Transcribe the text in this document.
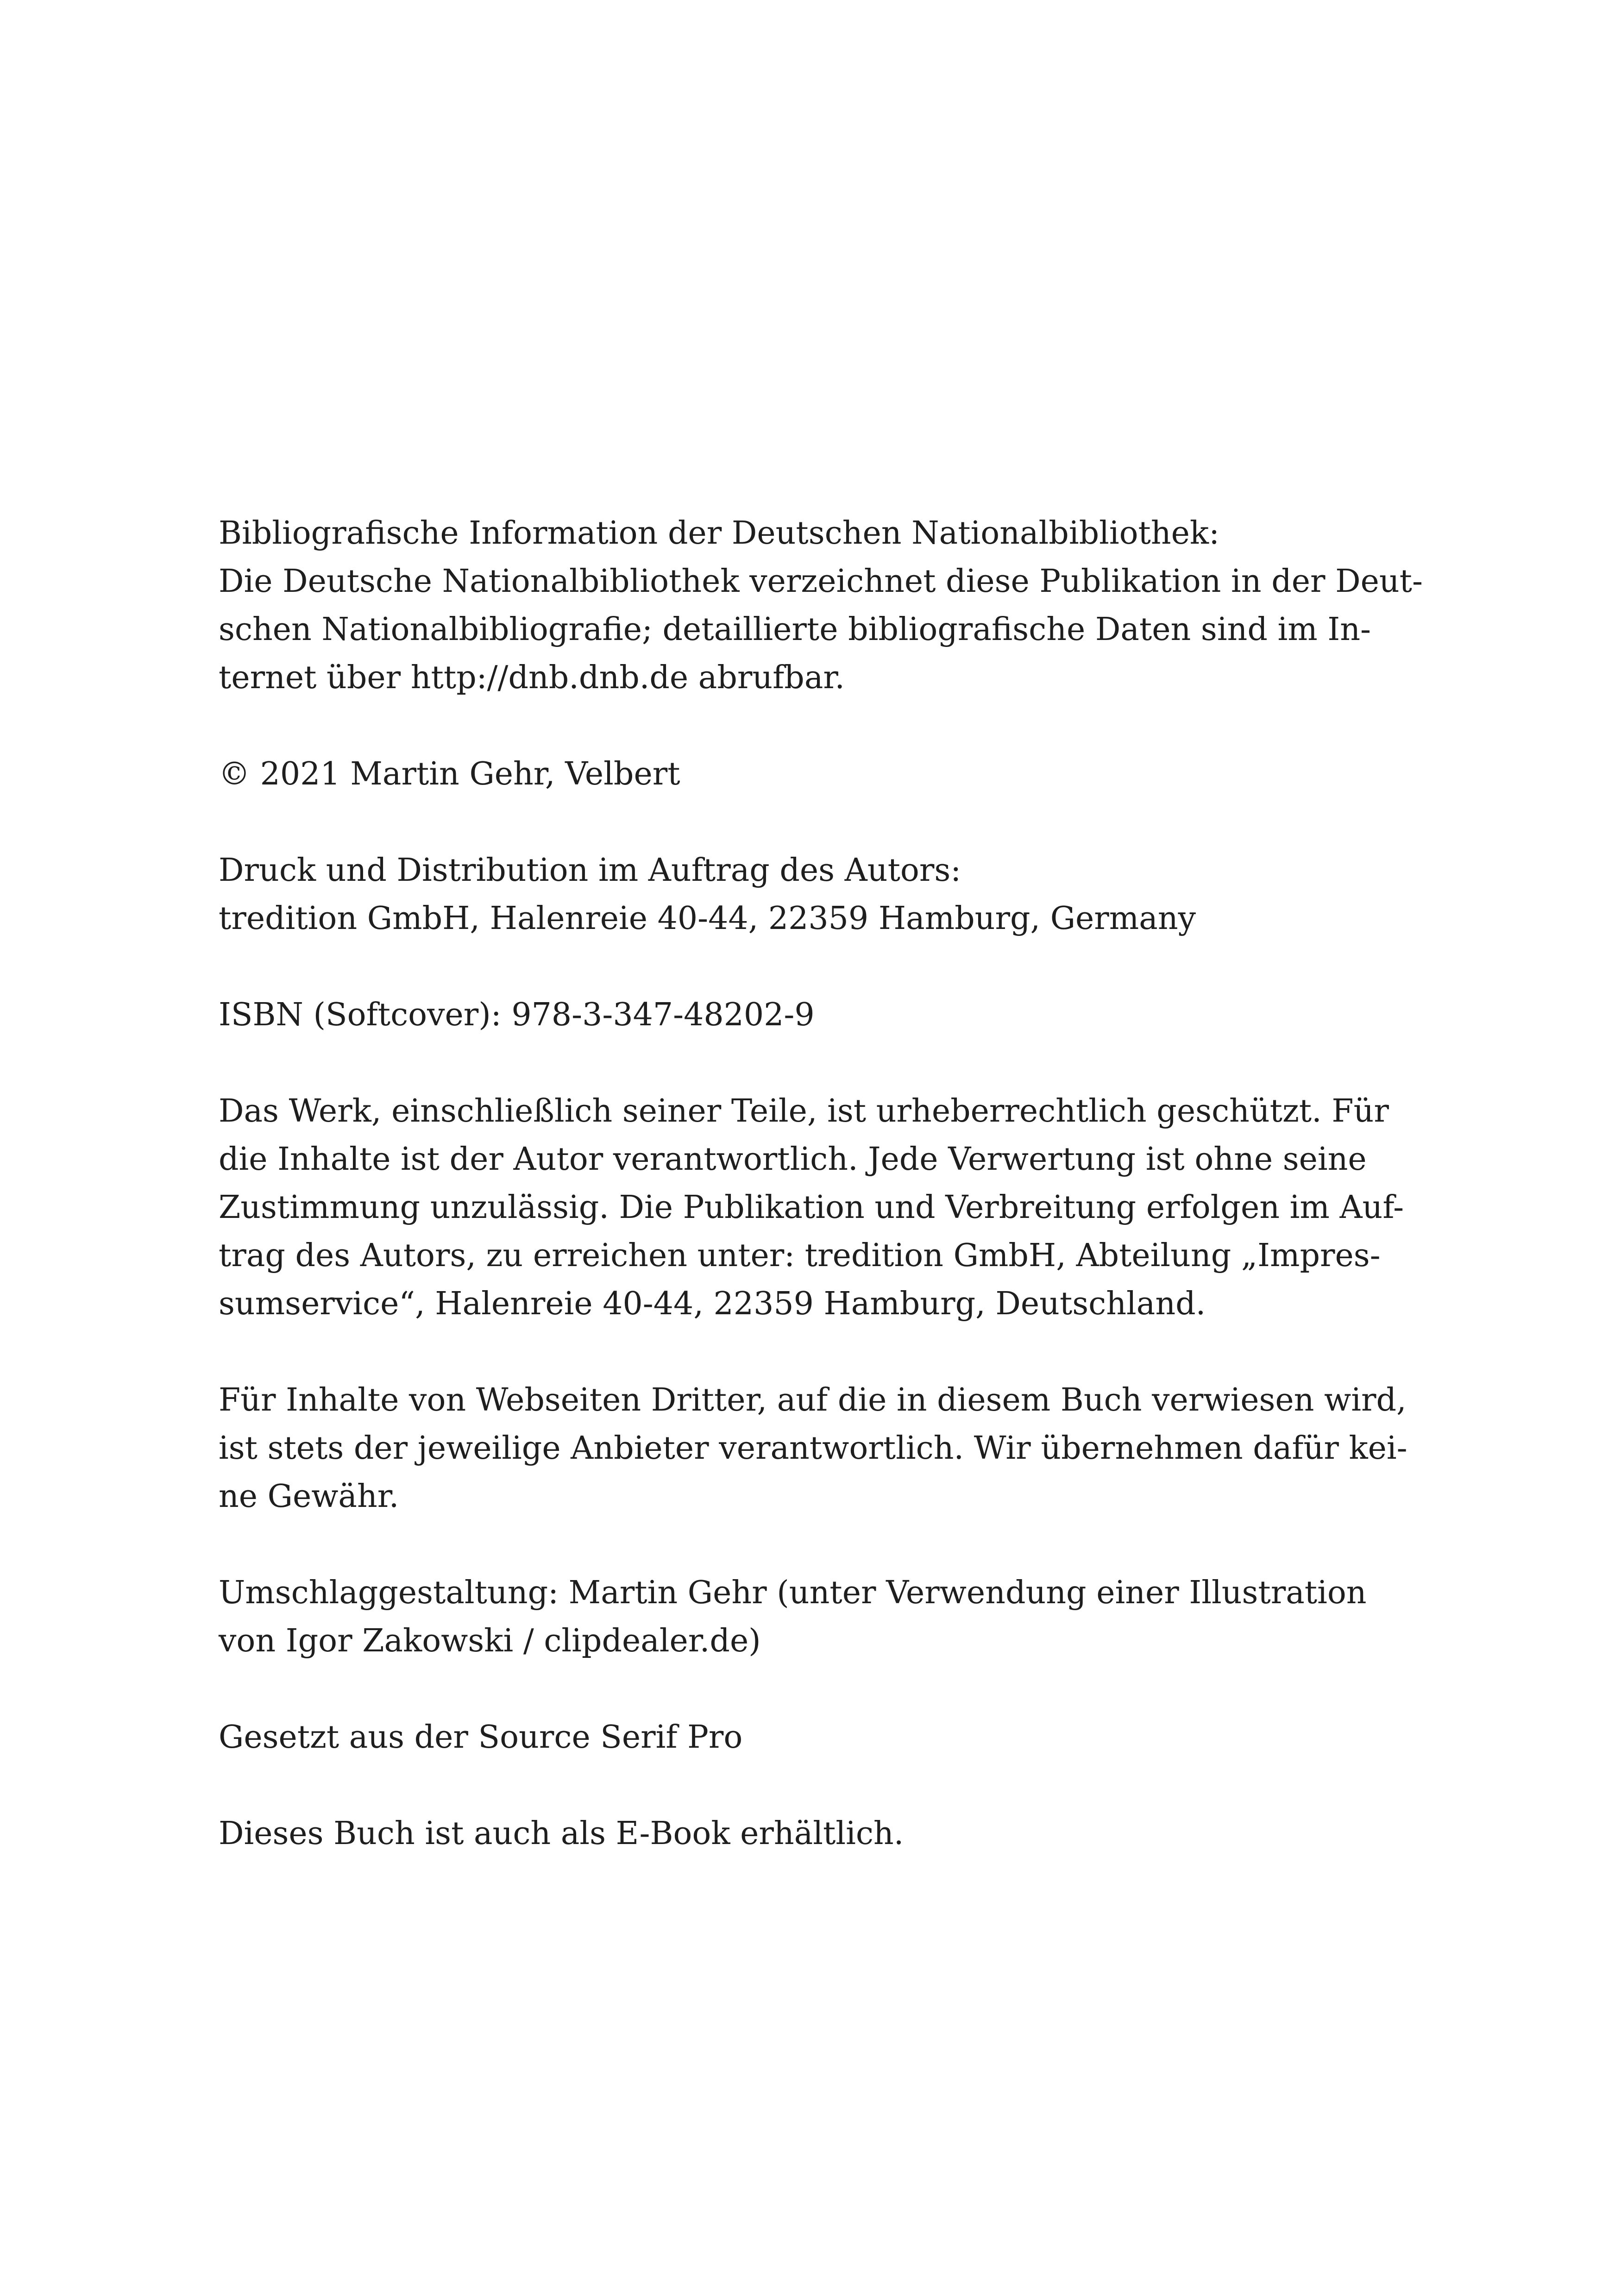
Bibliografische Information der Deutschen Nationalbibliothek:
Die Deutsche Nationalbibliothek verzeichnet diese Publikation in der Deut-
schen Nationalbibliografie; detaillierte bibliografische Daten sind im In-
ternet über http://dnb.dnb.de abrufbar.
© 2021 Martin Gehr, Velbert
Druck und Distribution im Auftrag des Autors:
tredition GmbH, Halenreie 40-44, 22359 Hamburg, Germany
ISBN (Softcover): 978-3-347-48202-9
Das Werk, einschließlich seiner Teile, ist urheberrechtlich geschützt. Für
die Inhalte ist der Autor verantwortlich. Jede Verwertung ist ohne seine
Zustimmung unzulässig. Die Publikation und Verbreitung erfolgen im Auf-
trag des Autors, zu erreichen unter: tredition GmbH, Abteilung „Impres-
sumservice“, Halenreie 40-44, 22359 Hamburg, Deutschland.
Für Inhalte von Webseiten Dritter, auf die in diesem Buch verwiesen wird,
ist stets der jeweilige Anbieter verantwortlich. Wir übernehmen dafür kei-
ne Gewähr.
Umschlaggestaltung: Martin Gehr (unter Verwendung einer Illustration
von Igor Zakowski / clipdealer.de)
Gesetzt aus der Source Serif Pro
Dieses Buch ist auch als E-Book erhältlich.
